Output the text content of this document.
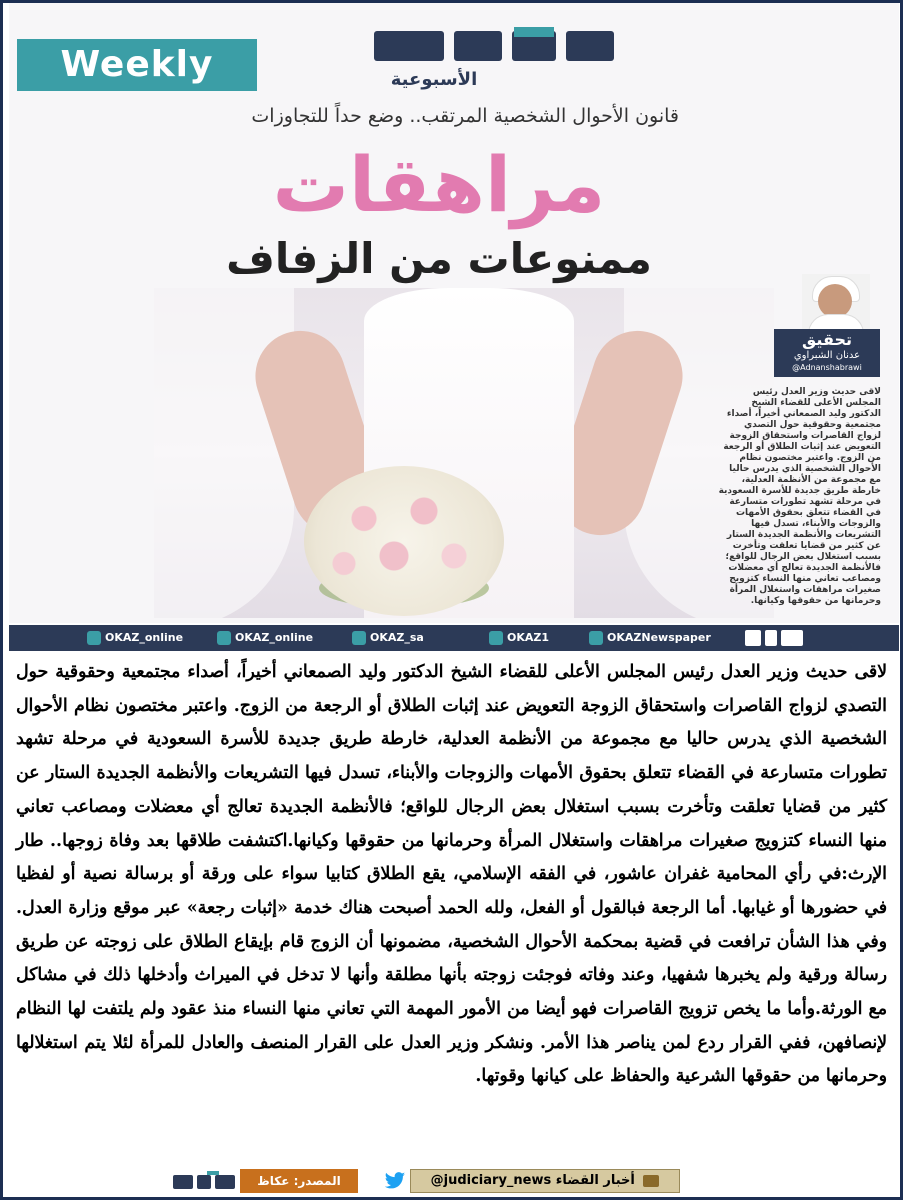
Weekly	الأسبوعية
قانون الأحوال الشخصية المرتقب.. وضع حداً للتجاوزات
مراهقات
ممنوعات من الزفاف
تحقيق
عدنان الشبراوي
@Adnanshabrawi
لاقى حديث وزير العدل رئيس المجلس الأعلى للقضاء الشيخ الدكتور وليد الصمعاني أخيراً، أصداء مجتمعية وحقوقية حول التصدي لزواج القاصرات واستحقاق الزوجة التعويض عند إثبات الطلاق أو الرجعة من الزوج. واعتبر مختصون نظام الأحوال الشخصية الذي يدرس حاليا مع مجموعة من الأنظمة العدلية، خارطة طريق جديدة للأسرة السعودية في مرحلة تشهد تطورات متسارعة في القضاء تتعلق بحقوق الأمهات والزوجات والأبناء، تسدل فيها التشريعات والأنظمة الجديدة الستار عن كثير من قضايا تعلقت وتأخرت بسبب استغلال بعض الرجال للواقع؛ فالأنظمة الجديدة تعالج أي معضلات ومصاعب تعاني منها النساء كتزويج صغيرات مراهقات واستغلال المرأة وحرمانها من حقوقها وكيانها.
OKAZ_online	OKAZ_online	OKAZ_sa	OKAZ1	OKAZNewspaper
لاقى حديث وزير العدل رئيس المجلس الأعلى للقضاء الشيخ الدكتور وليد الصمعاني أخيراً، أصداء مجتمعية وحقوقية حول التصدي لزواج القاصرات واستحقاق الزوجة التعويض عند إثبات الطلاق أو الرجعة من الزوج. واعتبر مختصون نظام الأحوال الشخصية الذي يدرس حاليا مع مجموعة من الأنظمة العدلية، خارطة طريق جديدة للأسرة السعودية في مرحلة تشهد تطورات متسارعة في القضاء تتعلق بحقوق الأمهات والزوجات والأبناء، تسدل فيها التشريعات والأنظمة الجديدة الستار عن كثير من قضايا تعلقت وتأخرت بسبب استغلال بعض الرجال للواقع؛ فالأنظمة الجديدة تعالج أي معضلات ومصاعب تعاني منها النساء كتزويج صغيرات مراهقات واستغلال المرأة وحرمانها من حقوقها وكيانها.اكتشفت طلاقها بعد وفاة زوجها.. طار الإرث:في رأي المحامية غفران عاشور، في الفقه الإسلامي، يقع الطلاق كتابيا سواء على ورقة أو برسالة نصية أو لفظيا في حضورها أو غيابها. أما الرجعة فبالقول أو الفعل، ولله الحمد أصبحت هناك خدمة «إثبات رجعة» عبر موقع وزارة العدل. وفي هذا الشأن ترافعت في قضية بمحكمة الأحوال الشخصية، مضمونها أن الزوج قام بإيقاع الطلاق على زوجته عن طريق رسالة ورقية ولم يخبرها شفهيا، وعند وفاته فوجئت زوجته بأنها مطلقة وأنها لا تدخل في الميراث وأدخلها ذلك في مشاكل مع الورثة.وأما ما يخص تزويج القاصرات فهو أيضا من الأمور المهمة التي تعاني منها النساء منذ عقود ولم يلتفت لها النظام لإنصافهن، ففي القرار ردع لمن يناصر هذا الأمر. ونشكر وزير العدل على القرار المنصف والعادل للمرأة لئلا يتم استغلالها وحرمانها من حقوقها الشرعية والحفاظ على كيانها وقوتها.
المصدر: عكاظ	@judiciary_news أخبار القضاء
